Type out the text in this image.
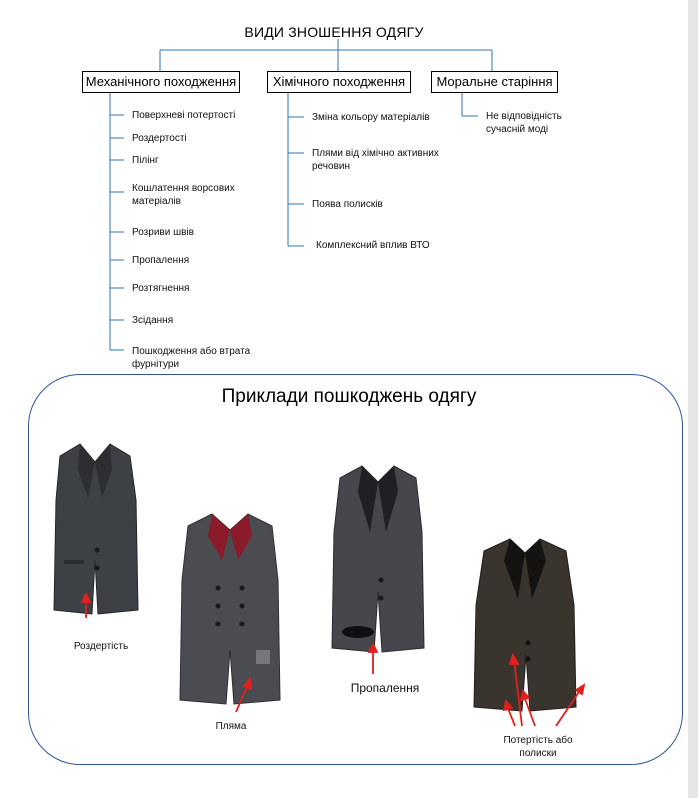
ВИДИ ЗНОШЕННЯ ОДЯГУ
Механічного походження	Хімічного походження	Моральне старіння
Поверхневі потертості
Роздертості
Пілінг
Кошлатення ворсових матеріалів
Розриви швів
Пропалення
Розтягнення
Зсідання
Пошкодження або втрата фурнітури
Зміна кольору матеріалів
Плями від хімічно активних речовин
Поява полисків
Комплексний вплив ВТО
Не відповідність сучасній моді
Приклади пошкоджень одягу
Роздертість
Пляма
Пропалення
Потертість або полиски
